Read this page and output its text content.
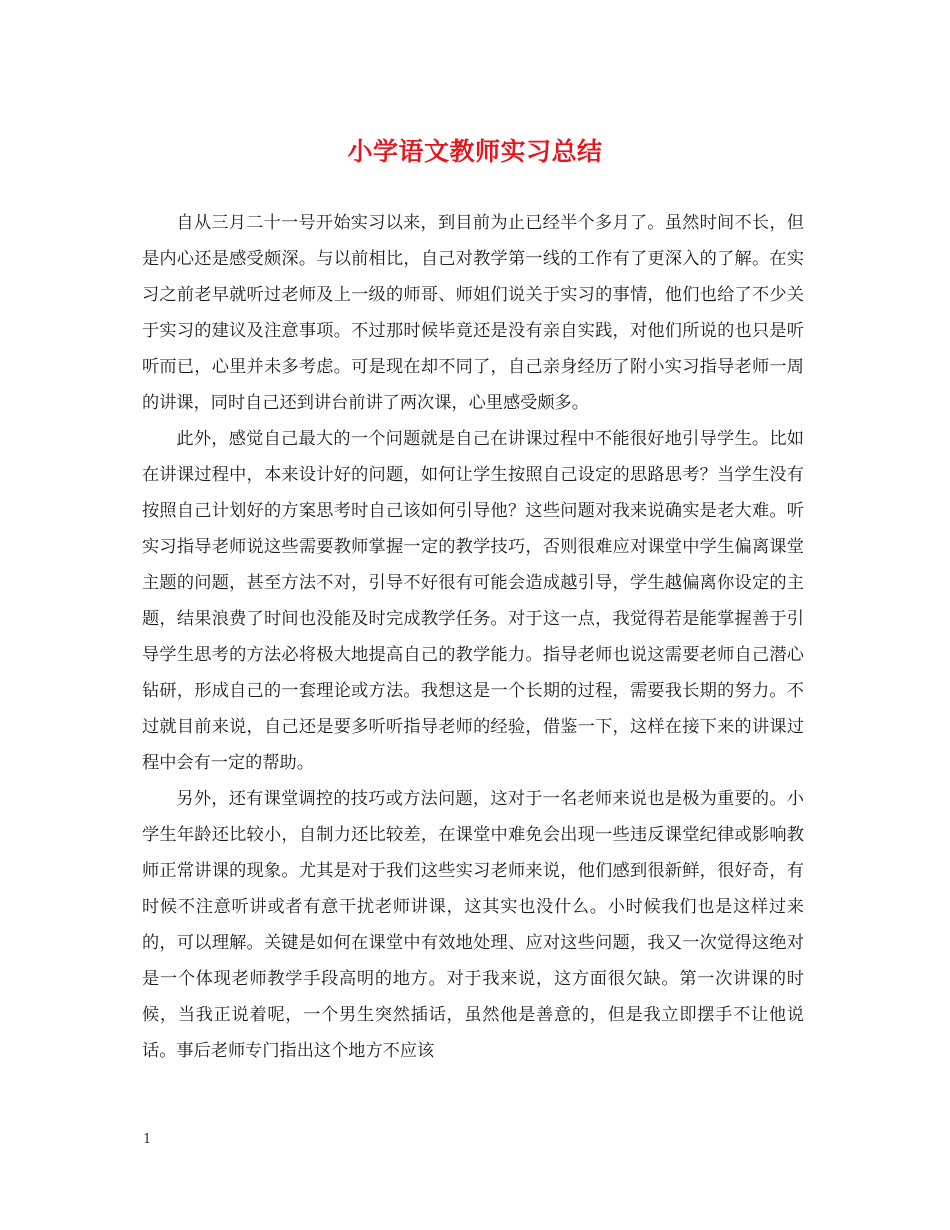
小学语文教师实习总结

自从三月二十一号开始实习以来，到目前为止已经半个多月了。虽然时间不长，但是内心还是感受颇深。与以前相比，自己对教学第一线的工作有了更深入的了解。在实习之前老早就听过老师及上一级的师哥、师姐们说关于实习的事情，他们也给了不少关于实习的建议及注意事项。不过那时候毕竟还是没有亲自实践，对他们所说的也只是听听而已，心里并未多考虑。可是现在却不同了，自己亲身经历了附小实习指导老师一周的讲课，同时自己还到讲台前讲了两次课，心里感受颇多。

此外，感觉自己最大的一个问题就是自己在讲课过程中不能很好地引导学生。比如在讲课过程中，本来设计好的问题，如何让学生按照自己设定的思路思考？当学生没有按照自己计划好的方案思考时自己该如何引导他？这些问题对我来说确实是老大难。听实习指导老师说这些需要教师掌握一定的教学技巧，否则很难应对课堂中学生偏离课堂主题的问题，甚至方法不对，引导不好很有可能会造成越引导，学生越偏离你设定的主题，结果浪费了时间也没能及时完成教学任务。对于这一点，我觉得若是能掌握善于引导学生思考的方法必将极大地提高自己的教学能力。指导老师也说这需要老师自己潜心钻研，形成自己的一套理论或方法。我想这是一个长期的过程，需要我长期的努力。不过就目前来说，自己还是要多听听指导老师的经验，借鉴一下，这样在接下来的讲课过程中会有一定的帮助。

另外，还有课堂调控的技巧或方法问题，这对于一名老师来说也是极为重要的。小学生年龄还比较小，自制力还比较差，在课堂中难免会出现一些违反课堂纪律或影响教师正常讲课的现象。尤其是对于我们这些实习老师来说，他们感到很新鲜，很好奇，有时候不注意听讲或者有意干扰老师讲课，这其实也没什么。小时候我们也是这样过来的，可以理解。关键是如何在课堂中有效地处理、应对这些问题，我又一次觉得这绝对是一个体现老师教学手段高明的地方。对于我来说，这方面很欠缺。第一次讲课的时候，当我正说着呢，一个男生突然插话，虽然他是善意的，但是我立即摆手不让他说话。事后老师专门指出这个地方不应该

1
